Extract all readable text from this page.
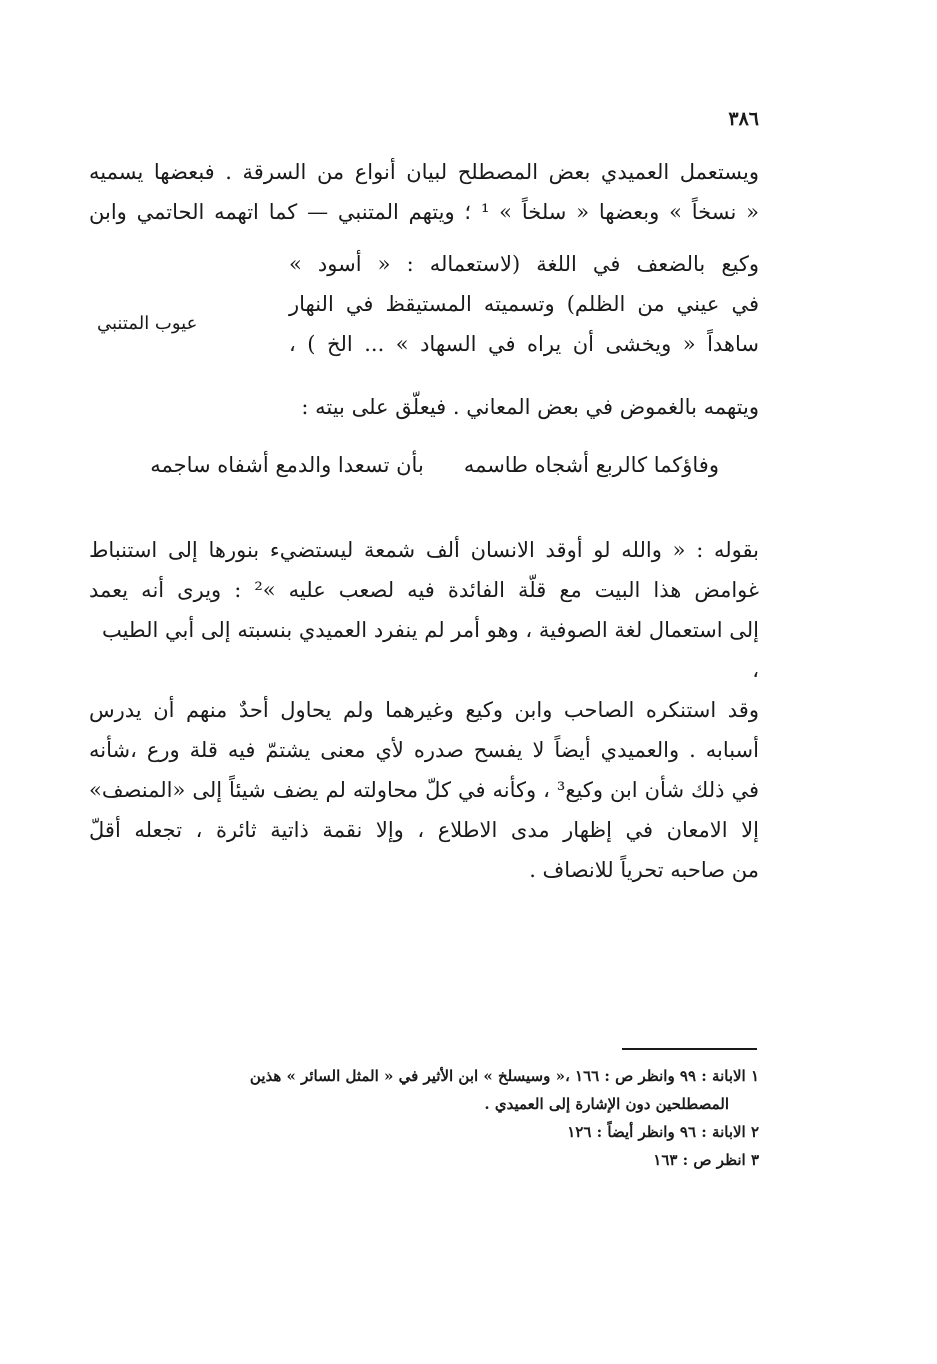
٣٨٦
ويستعمل العميدي بعض المصطلح لبيان أنواع من السرقة . فبعضها يسميه
« نسخاً » وبعضها « سلخاً » ¹ ؛ ويتهم المتنبي — كما اتهمه الحاتمي وابن
وكيع بالضعف في اللغة (لاستعماله : « أسود »
في عيني من الظلم) وتسميته المستيقظ في النهار
ساهداً « ويخشى أن يراه في السهاد » ... الخ ) ،
عيوب المتنبي
ويتهمه بالغموض في بعض المعاني . فيعلّق على بيته :
وفاؤكما كالربع أشجاه طاسمهبأن تسعدا والدمع أشفاه ساجمه
بقوله : « والله لو أوقد الانسان ألف شمعة ليستضيء بنورها إلى استنباط
غوامض هذا البيت مع قلّة الفائدة فيه لصعب عليه »² : ويرى أنه يعمد
إلى استعمال لغة الصوفية ، وهو أمر لم ينفرد العميدي بنسبته إلى أبي الطيب ،
وقد استنكره الصاحب وابن وكيع وغيرهما ولم يحاول أحدٌ منهم أن يدرس
أسبابه . والعميدي أيضاً لا يفسح صدره لأي معنى يشتمّ فيه قلة ورع ،شأنه
في ذلك شأن ابن وكيع³ ، وكأنه في كلّ محاولته لم يضف شيئاً إلى «المنصف»
إلا الامعان في إظهار مدى الاطلاع ، وإلا نقمة ذاتية ثائرة ، تجعله أقلّ
من صاحبه تحرياً للانصاف .
١ الابانة : ٩٩ وانظر ص : ١٦٦ ،« وسيسلخ » ابن الأثير في « المثل السائر » هذين
المصطلحين دون الإشارة إلى العميدي .
٢ الابانة : ٩٦ وانظر أيضاً : ١٢٦
٣ انظر ص : ١٦٣
